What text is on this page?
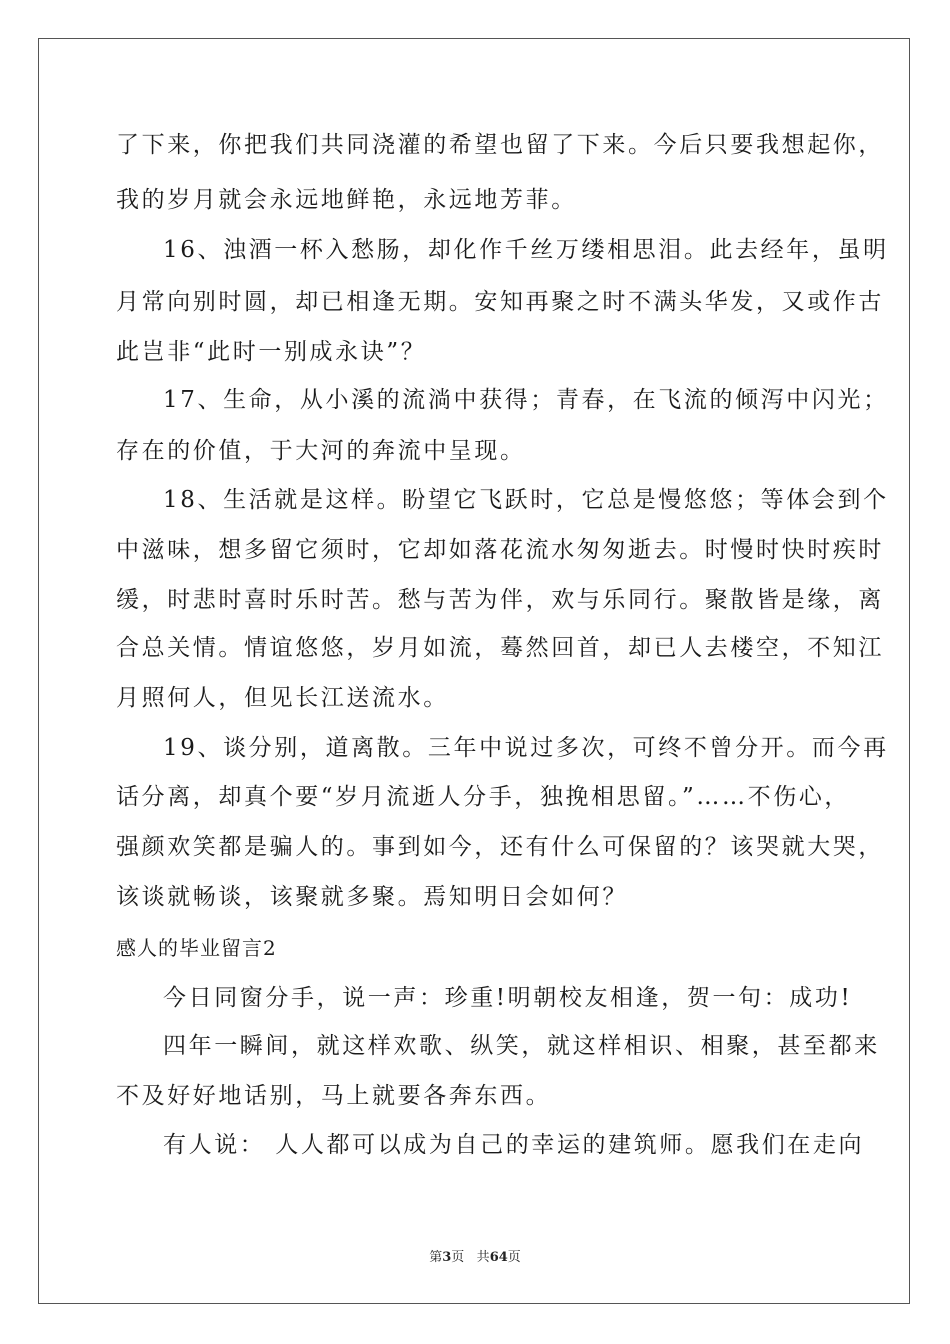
了下来，你把我们共同浇灌的希望也留了下来。今后只要我想起你，
我的岁月就会永远地鲜艳，永远地芳菲。
16、浊酒一杯入愁肠，却化作千丝万缕相思泪。此去经年，虽明
月常向别时圆，却已相逢无期。安知再聚之时不满头华发，又或作古
此岂非“此时一别成永诀”？
17、生命，从小溪的流淌中获得；青春，在飞流的倾泻中闪光；
存在的价值，于大河的奔流中呈现。
18、生活就是这样。盼望它飞跃时，它总是慢悠悠；等体会到个
中滋味，想多留它须时，它却如落花流水匆匆逝去。时慢时快时疾时
缓，时悲时喜时乐时苦。愁与苦为伴，欢与乐同行。聚散皆是缘，离
合总关情。情谊悠悠，岁月如流，蓦然回首，却已人去楼空，不知江
月照何人，但见长江送流水。
19、谈分别，道离散。三年中说过多次，可终不曾分开。而今再
话分离，却真个要“岁月流逝人分手，独挽相思留。”……不伤心，
强颜欢笑都是骗人的。事到如今，还有什么可保留的？该哭就大哭，
该谈就畅谈，该聚就多聚。焉知明日会如何？
感人的毕业留言2
今日同窗分手，说一声：珍重!明朝校友相逢，贺一句：成功!
四年一瞬间，就这样欢歌、纵笑，就这样相识、相聚，甚至都来
不及好好地话别，马上就要各奔东西。
有人说： 人人都可以成为自己的幸运的建筑师。愿我们在走向
第3页 共64页
